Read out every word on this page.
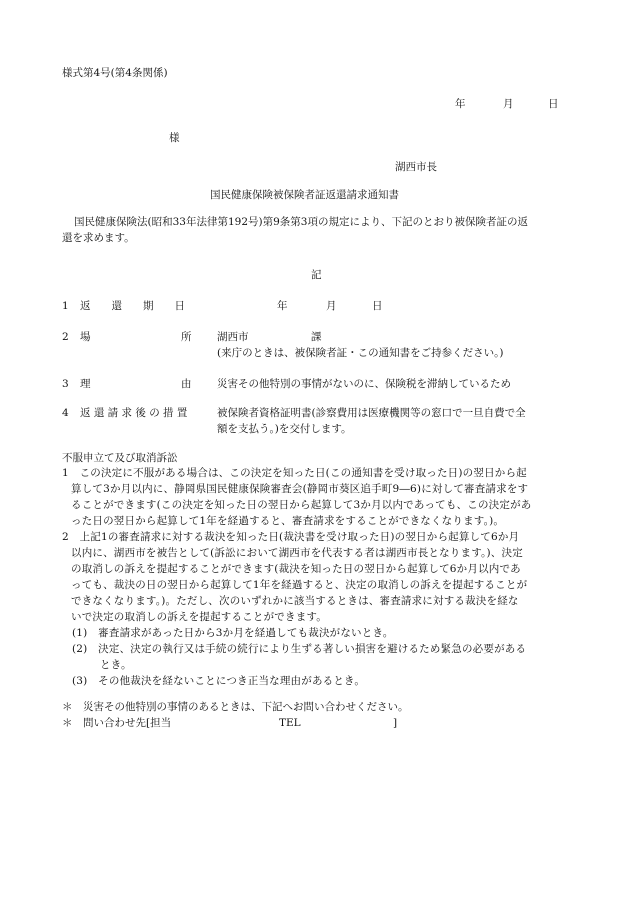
様式第4号(第4条関係)
年	月	日
様
湖西市長
国民健康保険被保険者証返還請求通知書
国民健康保険法(昭和33年法律第192号)第9条第3項の規定により、下記のとおり被保険者証の返
還を求めます。
記
1 返　　還　　期　　日	年	月	日
2 場	所 湖西市	課
(来庁のときは、被保険者証・この通知書をご持参ください。)
3 理	由 災害その他特別の事情がないのに、保険税を滞納しているため
4 返 還 請 求 後 の 措 置	被保険者資格証明書(診察費用は医療機関等の窓口で一旦自費で全
額を支払う。)を交付します。
不服申立て及び取消訴訟
1　この決定に不服がある場合は、この決定を知った日(この通知書を受け取った日)の翌日から起
算して3か月以内に、静岡県国民健康保険審査会(静岡市葵区追手町9―6)に対して審査請求をす
ることができます(この決定を知った日の翌日から起算して3か月以内であっても、この決定があ
った日の翌日から起算して1年を経過すると、審査請求をすることができなくなります。)。
2　上記1の審査請求に対する裁決を知った日(裁決書を受け取った日)の翌日から起算して6か月
以内に、湖西市を被告として(訴訟において湖西市を代表する者は湖西市長となります。)、決定
の取消しの訴えを提起することができます(裁決を知った日の翌日から起算して6か月以内であ
っても、裁決の日の翌日から起算して1年を経過すると、決定の取消しの訴えを提起することが
できなくなります。)。ただし、次のいずれかに該当するときは、審査請求に対する裁決を経な
いで決定の取消しの訴えを提起することができます。
(1)　審査請求があった日から3か月を経過しても裁決がないとき。
(2)　決定、決定の執行又は手続の続行により生ずる著しい損害を避けるため緊急の必要がある
とき。
(3)　その他裁決を経ないことにつき正当な理由があるとき。
＊　災害その他特別の事情のあるときは、下記へお問い合わせください。
＊　問い合わせ先[担当	TEL	]
